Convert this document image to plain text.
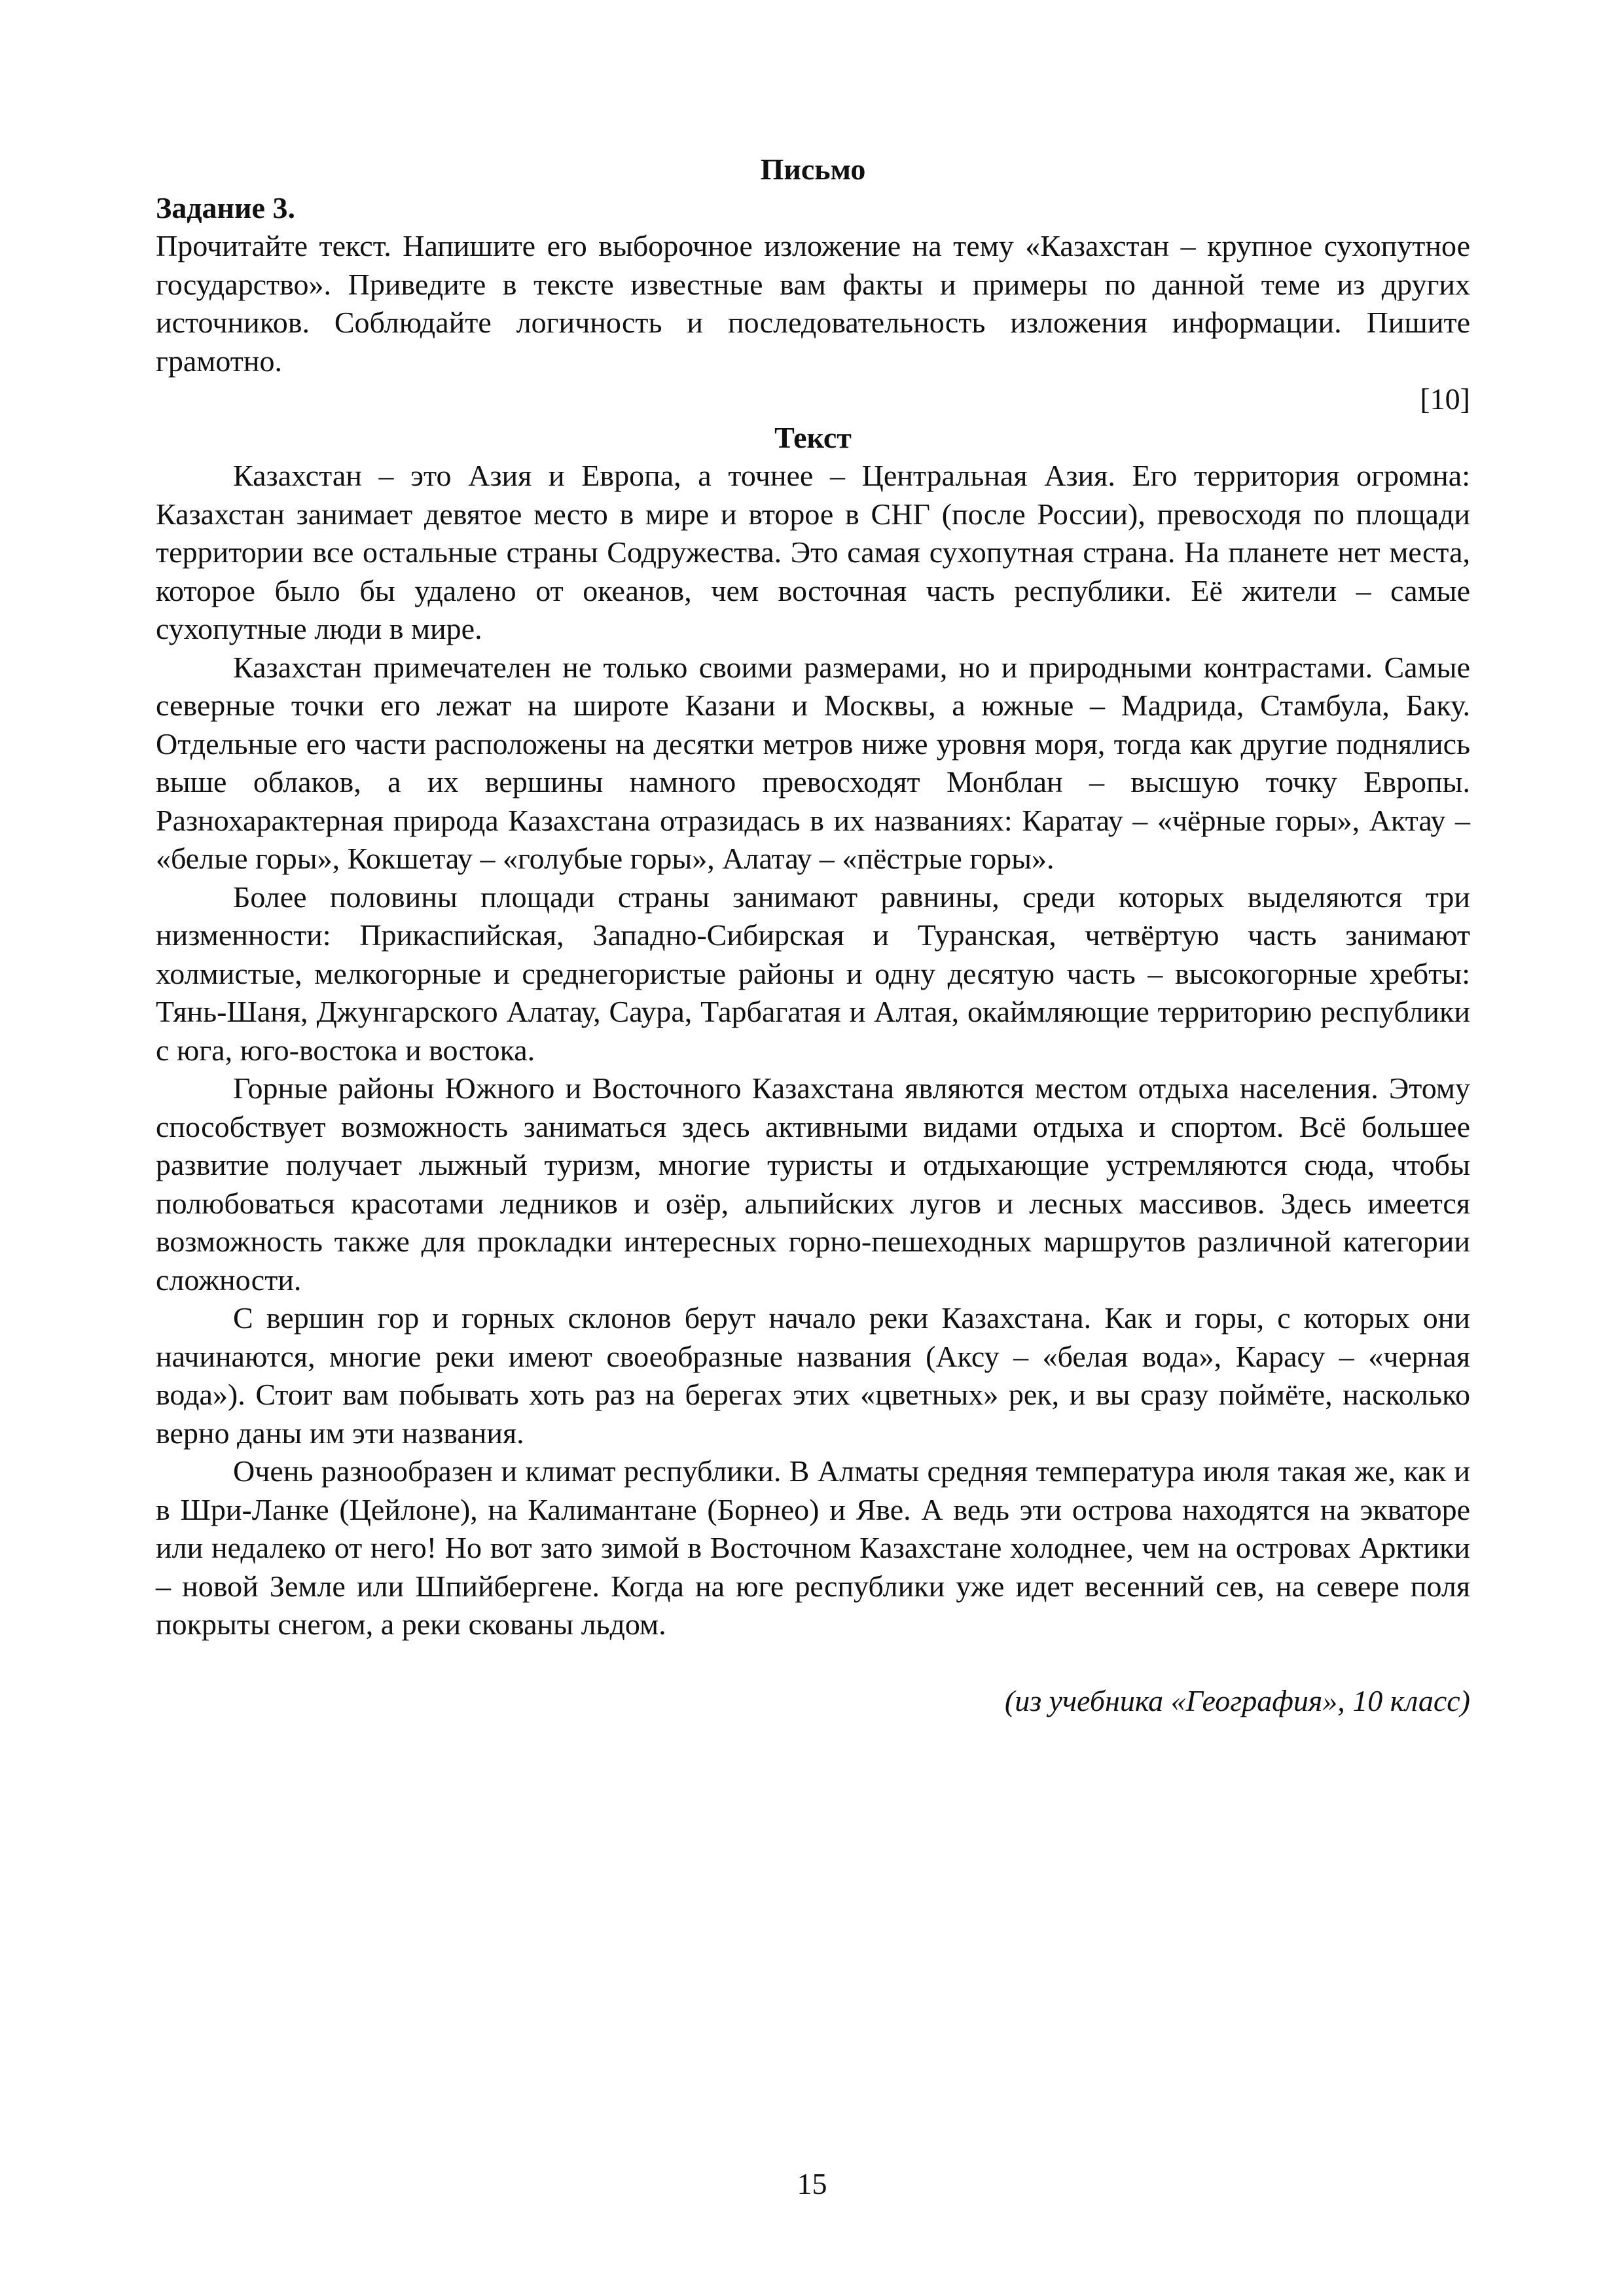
Письмо

Задание 3.

Прочитайте текст. Напишите его выборочное изложение на тему «Казахстан – крупное сухопутное государство». Приведите в тексте известные вам факты и примеры по данной теме из других источников. Соблюдайте логичность и последовательность изложения информации. Пишите грамотно.

[10]

Текст

Казахстан – это Азия и Европа, а точнее – Центральная Азия. Его территория огромна: Казахстан занимает девятое место в мире и второе в СНГ (после России), превосходя по площади территории все остальные страны Содружества. Это самая сухопутная страна. На планете нет места, которое было бы удалено от океанов, чем восточная часть республики. Её жители – самые сухопутные люди в мире.

Казахстан примечателен не только своими размерами, но и природными контрастами. Самые северные точки его лежат на широте Казани и Москвы, а южные – Мадрида, Стамбула, Баку. Отдельные его части расположены на десятки метров ниже уровня моря, тогда как другие поднялись выше облаков, а их вершины намного превосходят Монблан – высшую точку Европы. Разнохарактерная природа Казахстана отразидась в их названиях: Каратау – «чёрные горы», Актау – «белые горы», Кокшетау – «голубые горы», Алатау – «пёстрые горы».

Более половины площади страны занимают равнины, среди которых выделяются три низменности: Прикаспийская, Западно-Сибирская и Туранская, четвёртую часть занимают холмистые, мелкогорные и среднегористые районы и одну десятую часть – высокогорные хребты: Тянь-Шаня, Джунгарского Алатау, Саура, Тарбагатая и Алтая, окаймляющие территорию республики с юга, юго-востока и востока.

Горные районы Южного и Восточного Казахстана являются местом отдыха населения. Этому способствует возможность заниматься здесь активными видами отдыха и спортом. Всё большее развитие получает лыжный туризм, многие туристы и отдыхающие устремляются сюда, чтобы полюбоваться красотами ледников и озёр, альпийских лугов и лесных массивов. Здесь имеется возможность также для прокладки интересных горно-пешеходных маршрутов различной категории сложности.

С вершин гор и горных склонов берут начало реки Казахстана. Как и горы, с которых они начинаются, многие реки имеют своеобразные названия (Аксу – «белая вода», Карасу – «черная вода»). Стоит вам побывать хоть раз на берегах этих «цветных» рек, и вы сразу поймёте, насколько верно даны им эти названия.

Очень разнообразен и климат республики. В Алматы средняя температура июля такая же, как и в Шри-Ланке (Цейлоне), на Калимантане (Борнео) и Яве. А ведь эти острова находятся на экваторе или недалеко от него! Но вот зато зимой в Восточном Казахстане холоднее, чем на островах Арктики – новой Земле или Шпийбергене. Когда на юге республики уже идет весенний сев, на севере поля покрыты снегом, а реки скованы льдом.

(из учебника «География», 10 класс)

15
